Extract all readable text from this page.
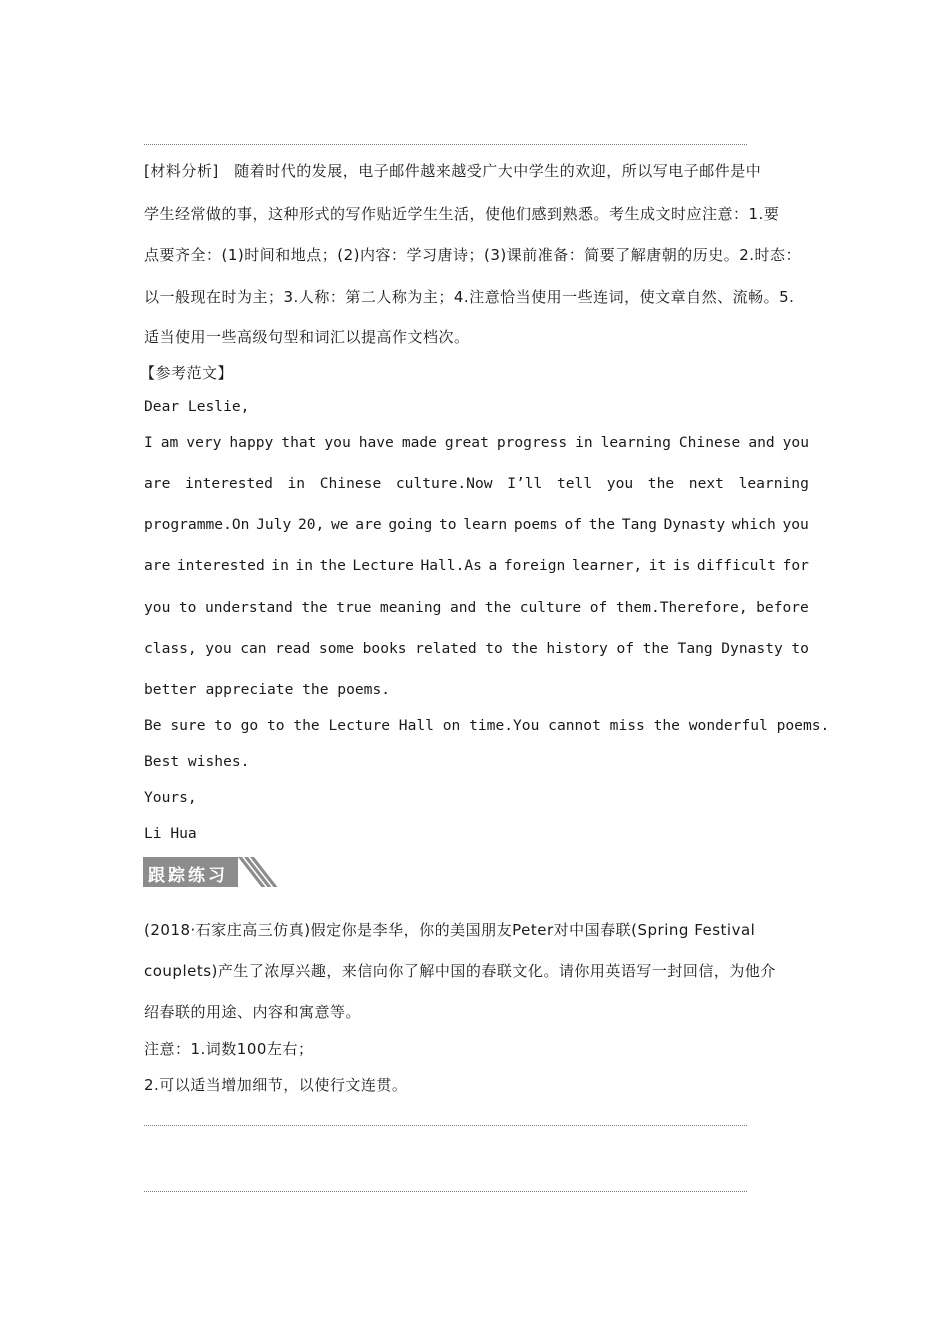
[材料分析]　随着时代的发展，电子邮件越来越受广大中学生的欢迎，所以写电子邮件是中
学生经常做的事，这种形式的写作贴近学生生活，使他们感到熟悉。考生成文时应注意：1.要
点要齐全：(1)时间和地点；(2)内容：学习唐诗；(3)课前准备：简要了解唐朝的历史。2.时态：
以一般现在时为主；3.人称：第二人称为主；4.注意恰当使用一些连词，使文章自然、流畅。5.
适当使用一些高级句型和词汇以提高作文档次。
【参考范文】
Dear Leslie,
I am very happy that you have made great progress in learning Chinese and you
are interested in Chinese culture.Now I’ll tell you the next learning
programme.On July 20, we are going to learn poems of the Tang Dynasty which you
are interested in in the Lecture Hall.As a foreign learner, it is difficult for
you to understand the true meaning and the culture of them.Therefore, before
class, you can read some books related to the history of the Tang Dynasty to
better appreciate the poems.
Be sure to go to the Lecture Hall on time.You cannot miss the wonderful poems.
Best wishes.
Yours,
Li Hua
跟踪练习
(2018·石家庄高三仿真)假定你是李华，你的美国朋友Peter对中国春联(Spring Festival
couplets)产生了浓厚兴趣，来信向你了解中国的春联文化。请你用英语写一封回信，为他介
绍春联的用途、内容和寓意等。
注意：1.词数100左右；
2.可以适当增加细节，以使行文连贯。
